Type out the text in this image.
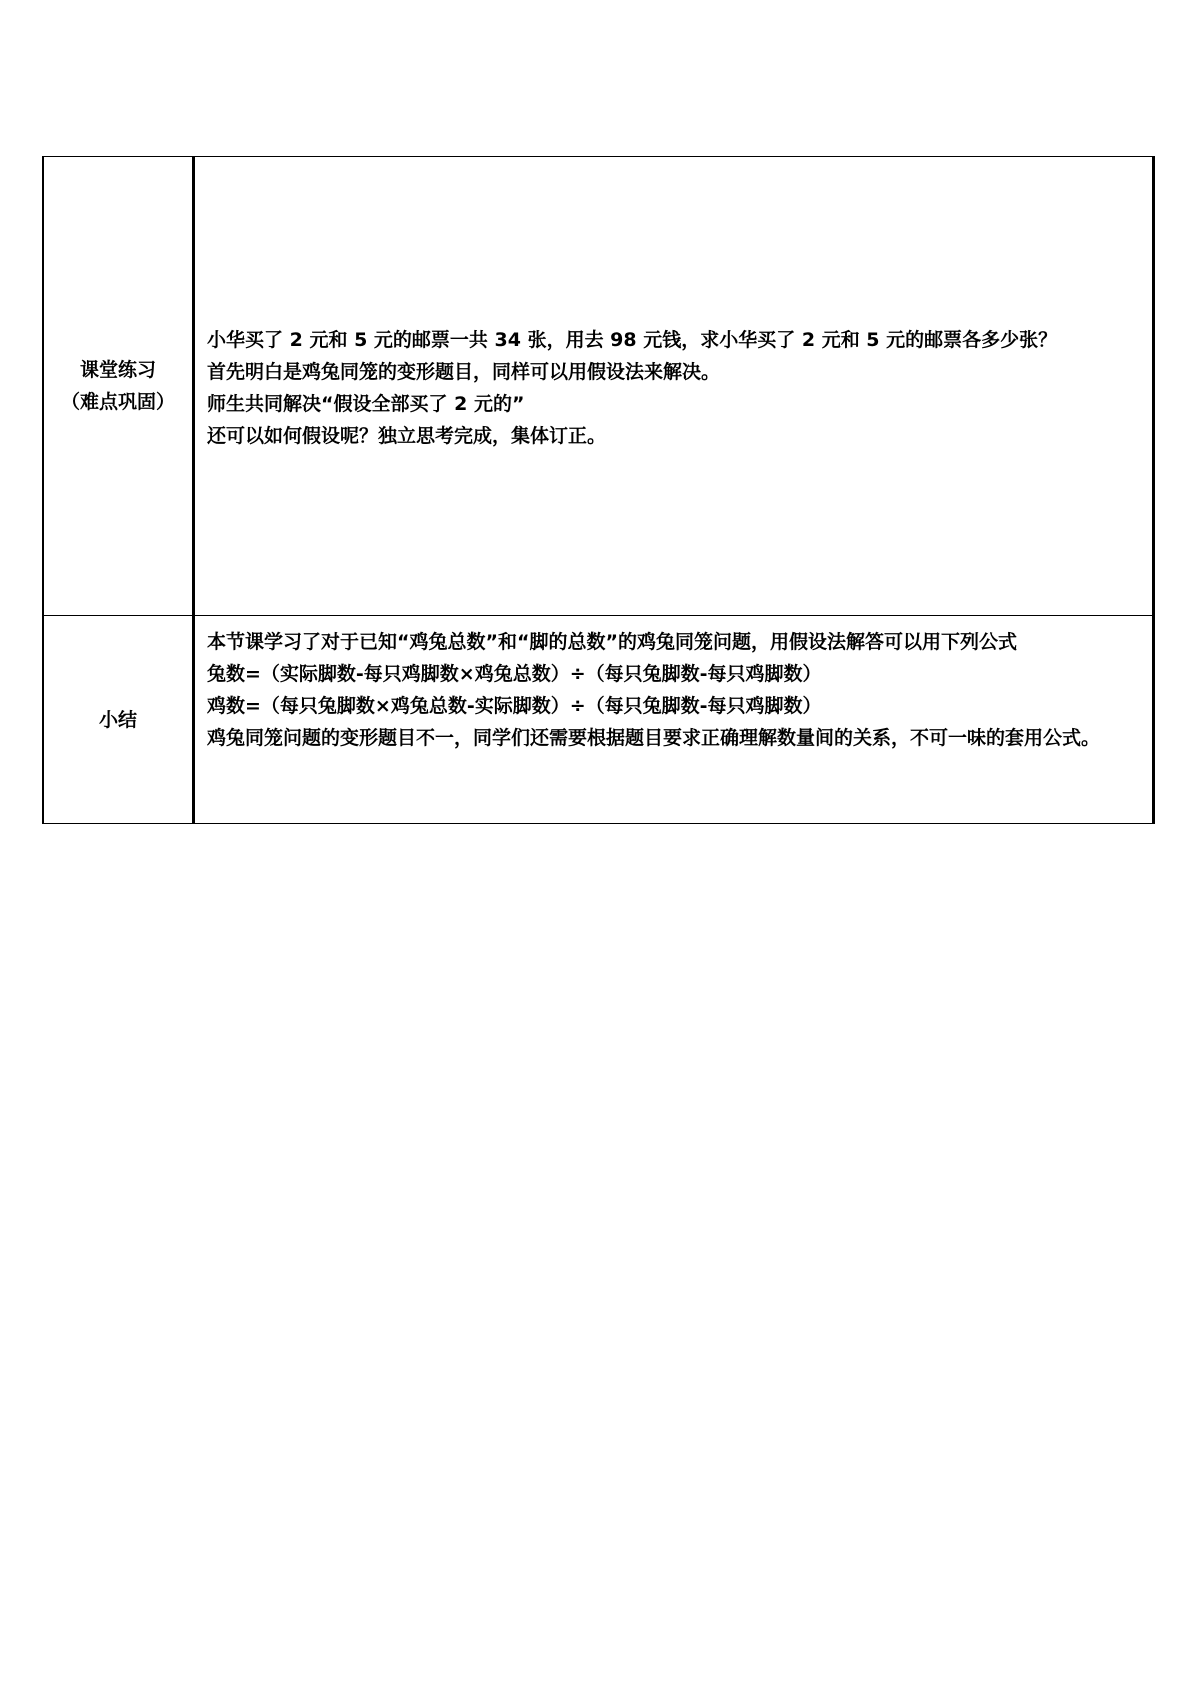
课堂练习
（难点巩固）	小华买了 2 元和 5 元的邮票一共 34 张，用去 98 元钱，求小华买了 2 元和 5 元的邮票各多少张？
首先明白是鸡兔同笼的变形题目，同样可以用假设法来解决。
师生共同解决“假设全部买了 2 元的”
还可以如何假设呢？独立思考完成，集体订正。

小结	本节课学习了对于已知“鸡兔总数”和“脚的总数”的鸡兔同笼问题，用假设法解答可以用下列公式
兔数=（实际脚数-每只鸡脚数×鸡兔总数）÷（每只兔脚数-每只鸡脚数）
鸡数=（每只兔脚数×鸡兔总数-实际脚数）÷（每只兔脚数-每只鸡脚数）
鸡兔同笼问题的变形题目不一，同学们还需要根据题目要求正确理解数量间的关系，不可一味的套用公式。
